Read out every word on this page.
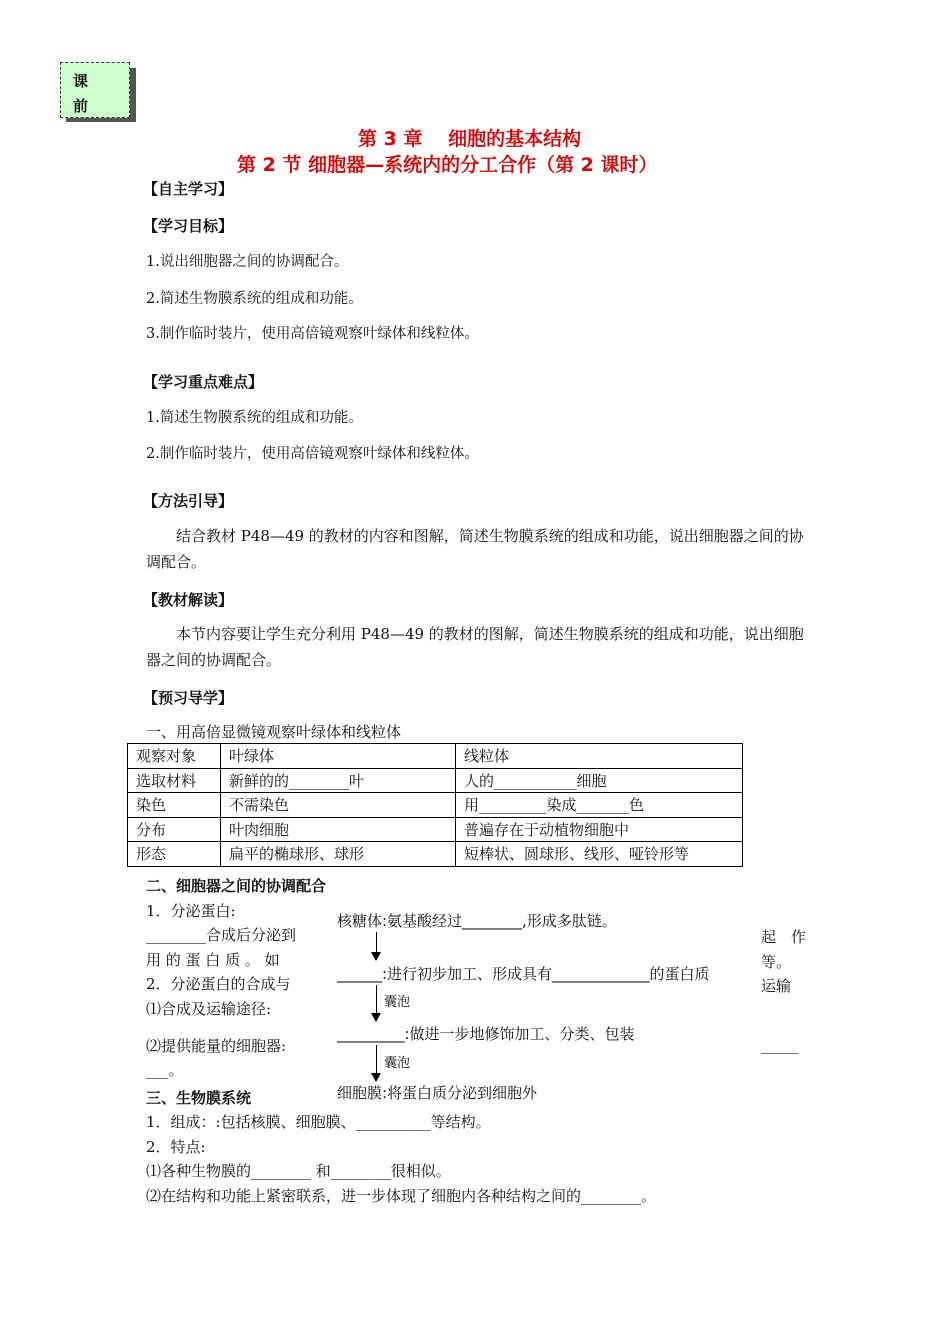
课
前
第 3 章　 细胞的基本结构
第 2 节 细胞器—系统内的分工合作（第 2 课时）
【自主学习】
【学习目标】
1.说出细胞器之间的协调配合。
2.简述生物膜系统的组成和功能。
3.制作临时装片，使用高倍镜观察叶绿体和线粒体。
【学习重点难点】
1.简述生物膜系统的组成和功能。
2.制作临时装片，使用高倍镜观察叶绿体和线粒体。
【方法引导】
结合教材 P48—49 的教材的内容和图解，简述生物膜系统的组成和功能，说出细胞器之间的协调配合。
【教材解读】
本节内容要让学生充分利用 P48—49 的教材的图解，简述生物膜系统的组成和功能，说出细胞器之间的协调配合。
【预习导学】
一、用高倍显微镜观察叶绿体和线粒体
观察对象	叶绿体	线粒体
选取材料	新鲜的的________叶	人的___________细胞
染色	不需染色	用_________染成_______色
分布	叶肉细胞	普遍存在于动植物细胞中
形态	扁平的椭球形、球形	短棒状、圆球形、线形、哑铃形等
二、细胞器之间的协调配合
1．分泌蛋白:
________合成后分泌到
用 的 蛋 白 质 。 如
2．分泌蛋白的合成与
⑴合成及运输途径:
⑵提供能量的细胞器:
___。
核糖体:氨基酸经过________,形成多肽链。
______:进行初步加工、形成具有_____________的蛋白质
囊泡
_________:做进一步地修饰加工、分类、包装
囊泡
细胞膜:将蛋白质分泌到细胞外
起　作
等。
运输
_____
三、生物膜系统
1．组成：:包括核膜、细胞膜、__________等结构。
2．特点:
⑴各种生物膜的________ 和________很相似。
⑵在结构和功能上紧密联系，进一步体现了细胞内各种结构之间的________。
